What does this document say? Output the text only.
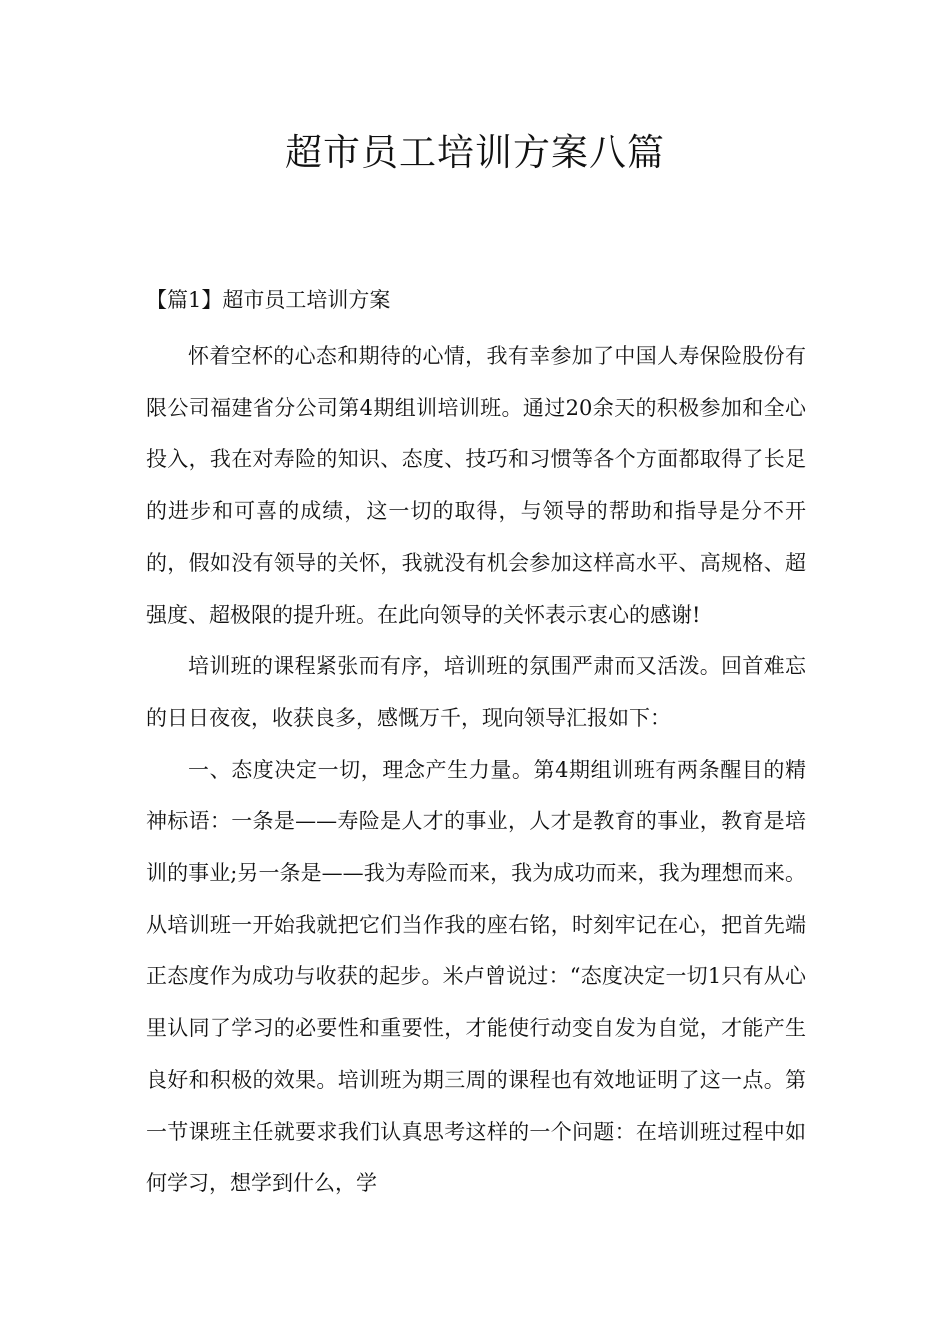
超市员工培训方案八篇
【篇1】超市员工培训方案

怀着空杯的心态和期待的心情，我有幸参加了中国人寿保险股份有限公司福建省分公司第4期组训培训班。通过20余天的积极参加和全心投入，我在对寿险的知识、态度、技巧和习惯等各个方面都取得了长足的进步和可喜的成绩，这一切的取得，与领导的帮助和指导是分不开的，假如没有领导的关怀，我就没有机会参加这样高水平、高规格、超强度、超极限的提升班。在此向领导的关怀表示衷心的感谢!

培训班的课程紧张而有序，培训班的氛围严肃而又活泼。回首难忘的日日夜夜，收获良多，感慨万千，现向领导汇报如下：

一、态度决定一切，理念产生力量。第4期组训班有两条醒目的精神标语：一条是——寿险是人才的事业，人才是教育的事业，教育是培训的事业;另一条是——我为寿险而来，我为成功而来，我为理想而来。从培训班一开始我就把它们当作我的座右铭，时刻牢记在心，把首先端正态度作为成功与收获的起步。米卢曾说过：“态度决定一切1只有从心里认同了学习的必要性和重要性，才能使行动变自发为自觉，才能产生良好和积极的效果。培训班为期三周的课程也有效地证明了这一点。第一节课班主任就要求我们认真思考这样的一个问题：在培训班过程中如何学习，想学到什么，学
